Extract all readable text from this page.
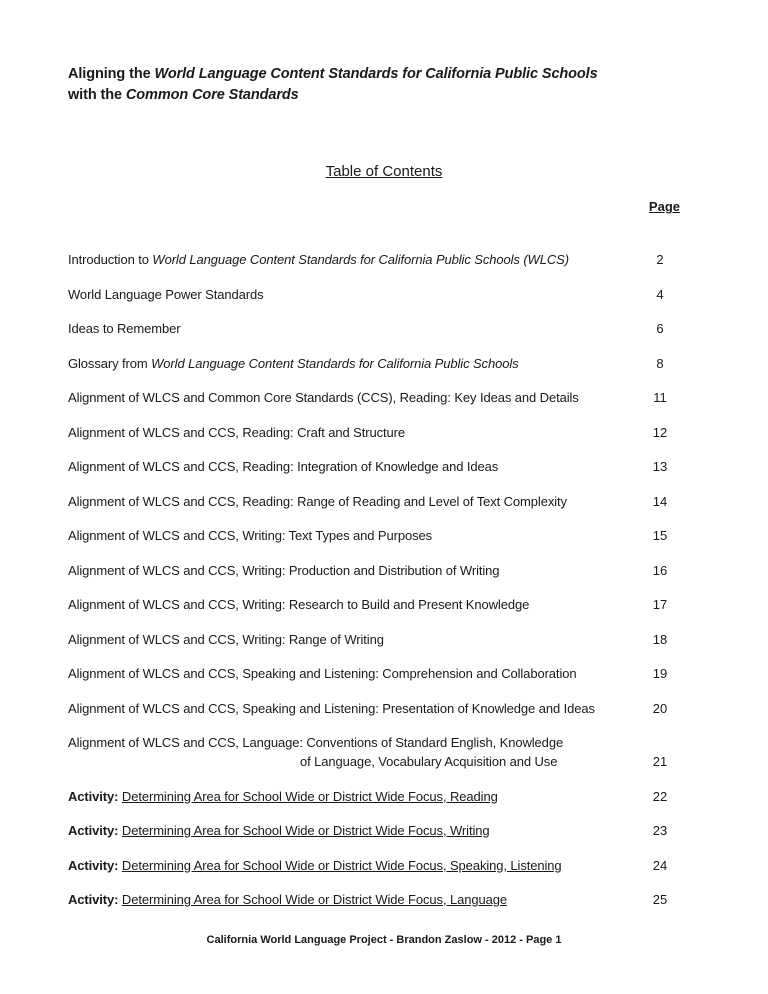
Aligning the World Language Content Standards for California Public Schools
with the Common Core Standards
Table of Contents
Page
Introduction to World Language Content Standards for California Public Schools (WLCS)	2
World Language Power Standards	4
Ideas to Remember	6
Glossary from World Language Content Standards for California Public Schools	8
Alignment of WLCS and Common Core Standards (CCS), Reading: Key Ideas and Details	11
Alignment of WLCS and CCS, Reading: Craft and Structure	12
Alignment of WLCS and CCS, Reading: Integration of Knowledge and Ideas	13
Alignment of WLCS and CCS, Reading: Range of Reading and Level of Text Complexity	14
Alignment of WLCS and CCS, Writing: Text Types and Purposes	15
Alignment of WLCS and CCS, Writing: Production and Distribution of Writing	16
Alignment of WLCS and CCS, Writing: Research to Build and Present Knowledge	17
Alignment of WLCS and CCS, Writing: Range of Writing	18
Alignment of WLCS and CCS, Speaking and Listening: Comprehension and Collaboration	19
Alignment of WLCS and CCS, Speaking and Listening: Presentation of Knowledge and Ideas	20
Alignment of WLCS and CCS, Language: Conventions of Standard English, Knowledge
of Language, Vocabulary Acquisition and Use	21
Activity: Determining Area for School Wide or District Wide Focus, Reading	22
Activity: Determining Area for School Wide or District Wide Focus, Writing	23
Activity: Determining Area for School Wide or District Wide Focus, Speaking, Listening	24
Activity: Determining Area for School Wide or District Wide Focus, Language	25
California World Language Project - Brandon Zaslow - 2012 - Page 1
